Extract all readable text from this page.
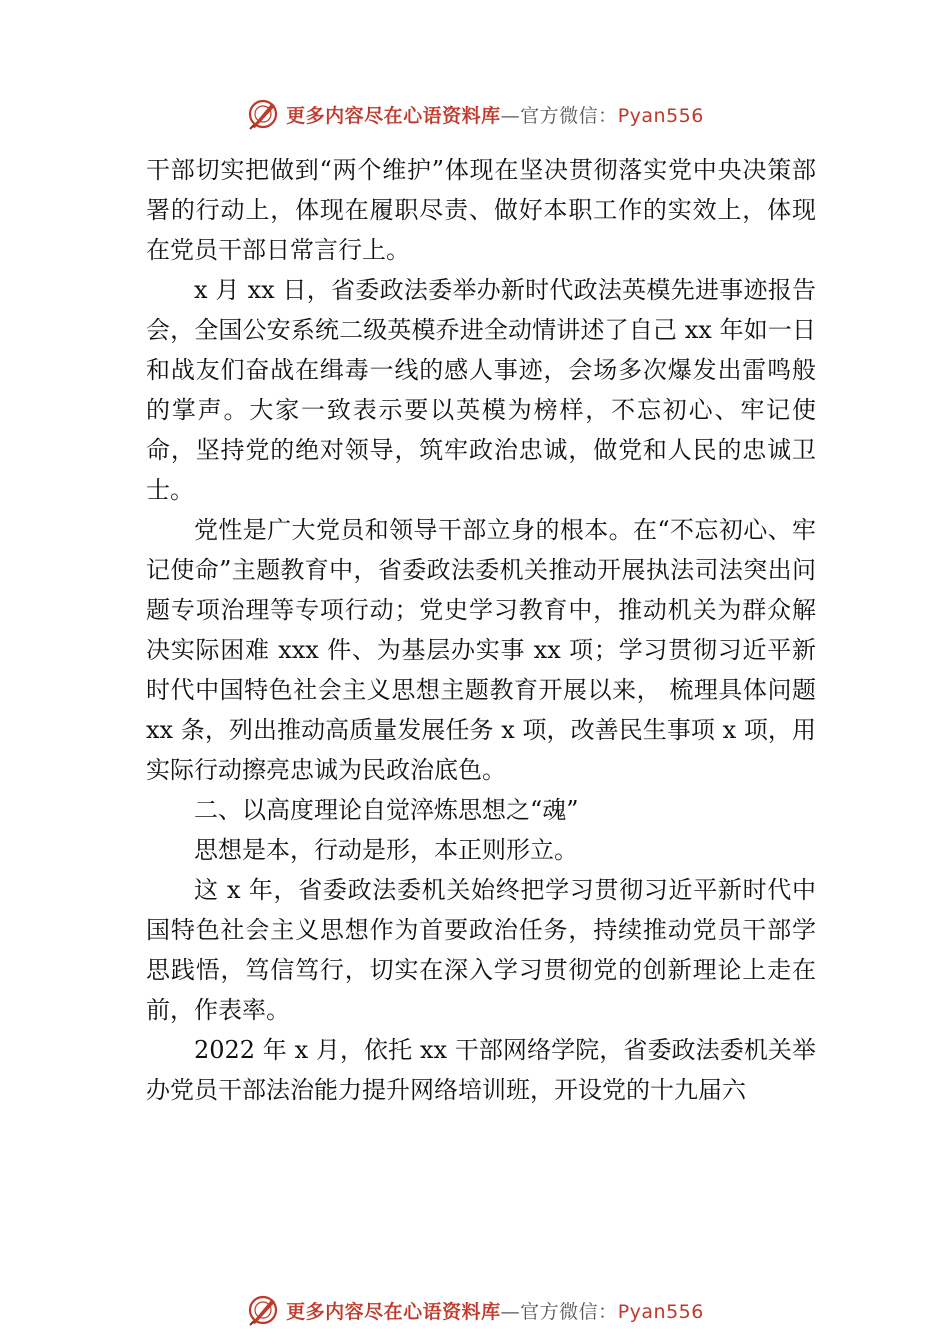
更多内容尽在心语资料库—官方微信：Pyan556

干部切实把做到“两个维护”体现在坚决贯彻落实党中央决策部署的行动上，体现在履职尽责、做好本职工作的实效上，体现在党员干部日常言行上。

x 月 xx 日，省委政法委举办新时代政法英模先进事迹报告会，全国公安系统二级英模乔进全动情讲述了自己 xx 年如一日和战友们奋战在缉毒一线的感人事迹，会场多次爆发出雷鸣般的掌声。大家一致表示要以英模为榜样，不忘初心、牢记使命，坚持党的绝对领导，筑牢政治忠诚，做党和人民的忠诚卫士。

党性是广大党员和领导干部立身的根本。在“不忘初心、牢记使命”主题教育中，省委政法委机关推动开展执法司法突出问题专项治理等专项行动；党史学习教育中，推动机关为群众解决实际困难 xxx 件、为基层办实事 xx 项；学习贯彻习近平新时代中国特色社会主义思想主题教育开展以来， 梳理具体问题 xx 条，列出推动高质量发展任务 x 项，改善民生事项 x 项，用实际行动擦亮忠诚为民政治底色。

二、以高度理论自觉淬炼思想之“魂”

思想是本，行动是形，本正则形立。

这 x 年，省委政法委机关始终把学习贯彻习近平新时代中国特色社会主义思想作为首要政治任务，持续推动党员干部学思践悟，笃信笃行，切实在深入学习贯彻党的创新理论上走在前，作表率。

2022 年 x 月，依托 xx 干部网络学院，省委政法委机关举办党员干部法治能力提升网络培训班，开设党的十九届六

更多内容尽在心语资料库—官方微信：Pyan556
